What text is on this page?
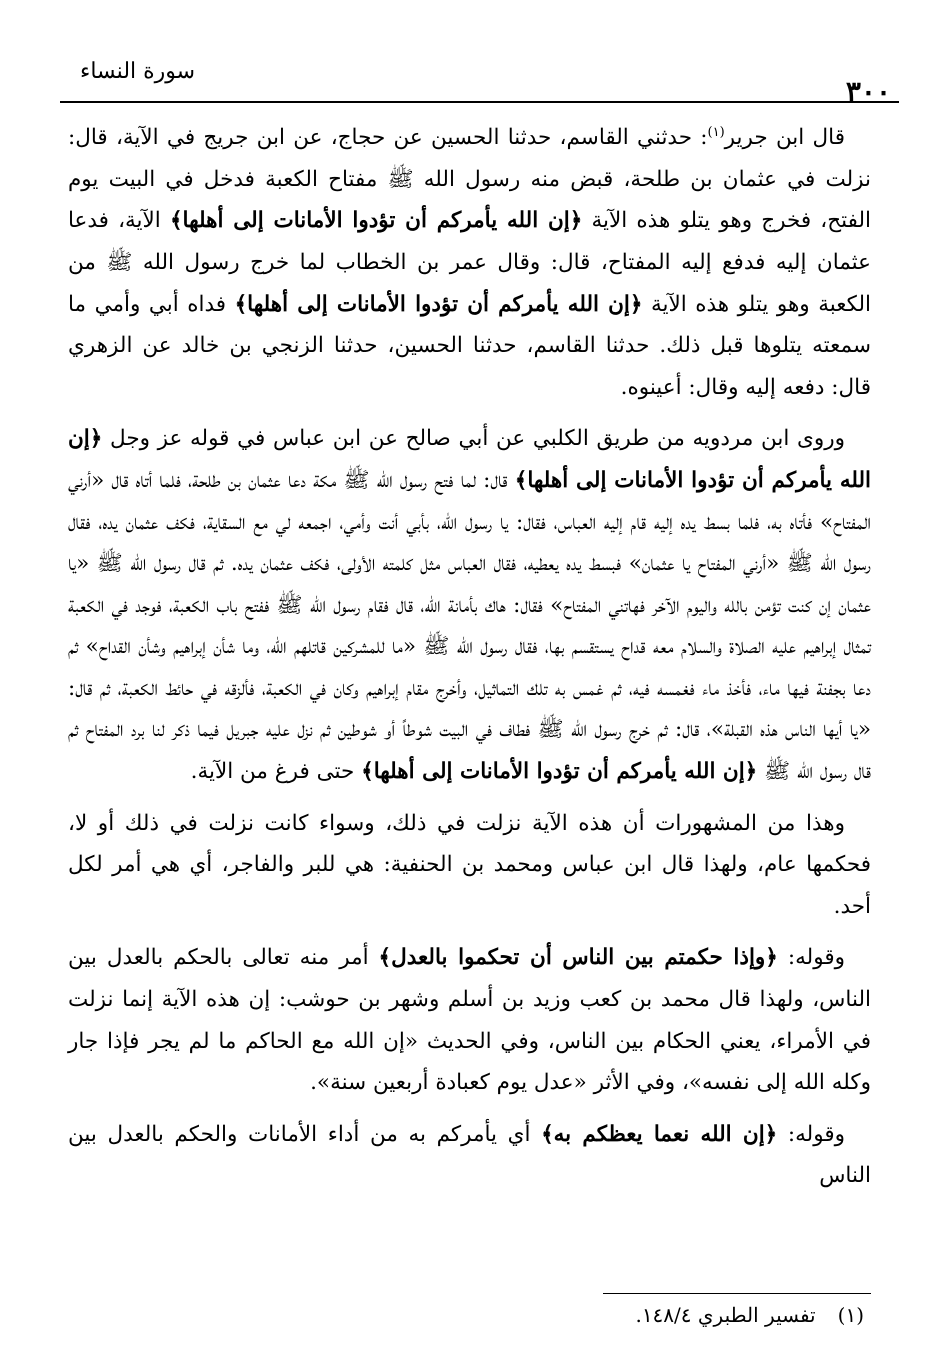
٣٠٠
سورة النساء

قال ابن جرير$^{(١)}$: حدثني القاسم، حدثنا الحسين عن حجاج، عن ابن جريج في الآية، قال: نزلت في عثمان بن طلحة، قبض منه رسول الله ﷺ مفتاح الكعبة فدخل في البيت يوم الفتح، فخرج وهو يتلو هذه الآية ﴿إن الله يأمركم أن تؤدوا الأمانات إلى أهلها﴾ الآية، فدعا عثمان إليه فدفع إليه المفتاح، قال: وقال عمر بن الخطاب لما خرج رسول الله ﷺ من الكعبة وهو يتلو هذه الآية ﴿إن الله يأمركم أن تؤدوا الأمانات إلى أهلها﴾ فداه أبي وأمي ما سمعته يتلوها قبل ذلك. حدثنا القاسم، حدثنا الحسين، حدثنا الزنجي بن خالد عن الزهري قال: دفعه إليه وقال: أعينوه.

وروى ابن مردويه من طريق الكلبي عن أبي صالح عن ابن عباس في قوله عز وجل ﴿إن الله يأمركم أن تؤدوا الأمانات إلى أهلها﴾ قال: لما فتح رسول الله ﷺ مكة دعا عثمان بن طلحة، فلما أتاه قال «أرني المفتاح» فأتاه به، فلما بسط يده إليه قام إليه العباس، فقال: يا رسول الله، بأبي أنت وأمي، اجمعه لي مع السقاية، فكف عثمان يده، فقال رسول الله ﷺ «أرني المفتاح يا عثمان» فبسط يده يعطيه، فقال العباس مثل كلمته الأولى، فكف عثمان يده. ثم قال رسول الله ﷺ «يا عثمان إن كنت تؤمن بالله واليوم الآخر فهاتني المفتاح» فقال: هاك بأمانة الله، قال فقام رسول الله ﷺ ففتح باب الكعبة، فوجد في الكعبة تمثال إبراهيم عليه الصلاة والسلام معه قداح يستقسم بها، فقال رسول الله ﷺ «ما للمشركين قاتلهم الله، وما شأن إبراهيم وشأن القداح» ثم دعا بجفنة فيها ماء، فأخذ ماء فغمسه فيه، ثم غمس به تلك التماثيل، وأخرج مقام إبراهيم وكان في الكعبة، فألزقه في حائط الكعبة، ثم قال: «يا أيها الناس هذه القبلة»، قال: ثم خرج رسول الله ﷺ فطاف في البيت شوطاً أو شوطين ثم نزل عليه جبريل فيما ذكر لنا برد المفتاح ثم قال رسول الله ﷺ ﴿إن الله يأمركم أن تؤدوا الأمانات إلى أهلها﴾ حتى فرغ من الآية.

وهذا من المشهورات أن هذه الآية نزلت في ذلك، وسواء كانت نزلت في ذلك أو لا، فحكمها عام، ولهذا قال ابن عباس ومحمد بن الحنفية: هي للبر والفاجر، أي هي أمر لكل أحد.

وقوله: ﴿وإذا حكمتم بين الناس أن تحكموا بالعدل﴾ أمر منه تعالى بالحكم بالعدل بين الناس، ولهذا قال محمد بن كعب وزيد بن أسلم وشهر بن حوشب: إن هذه الآية إنما نزلت في الأمراء، يعني الحكام بين الناس، وفي الحديث «إن الله مع الحاكم ما لم يجر فإذا جار وكله الله إلى نفسه»، وفي الأثر «عدل يوم كعبادة أربعين سنة».

وقوله: ﴿إن الله نعما يعظكم به﴾ أي يأمركم به من أداء الأمانات والحكم بالعدل بين الناس

(١)تفسير الطبري ١٤٨/٤.
